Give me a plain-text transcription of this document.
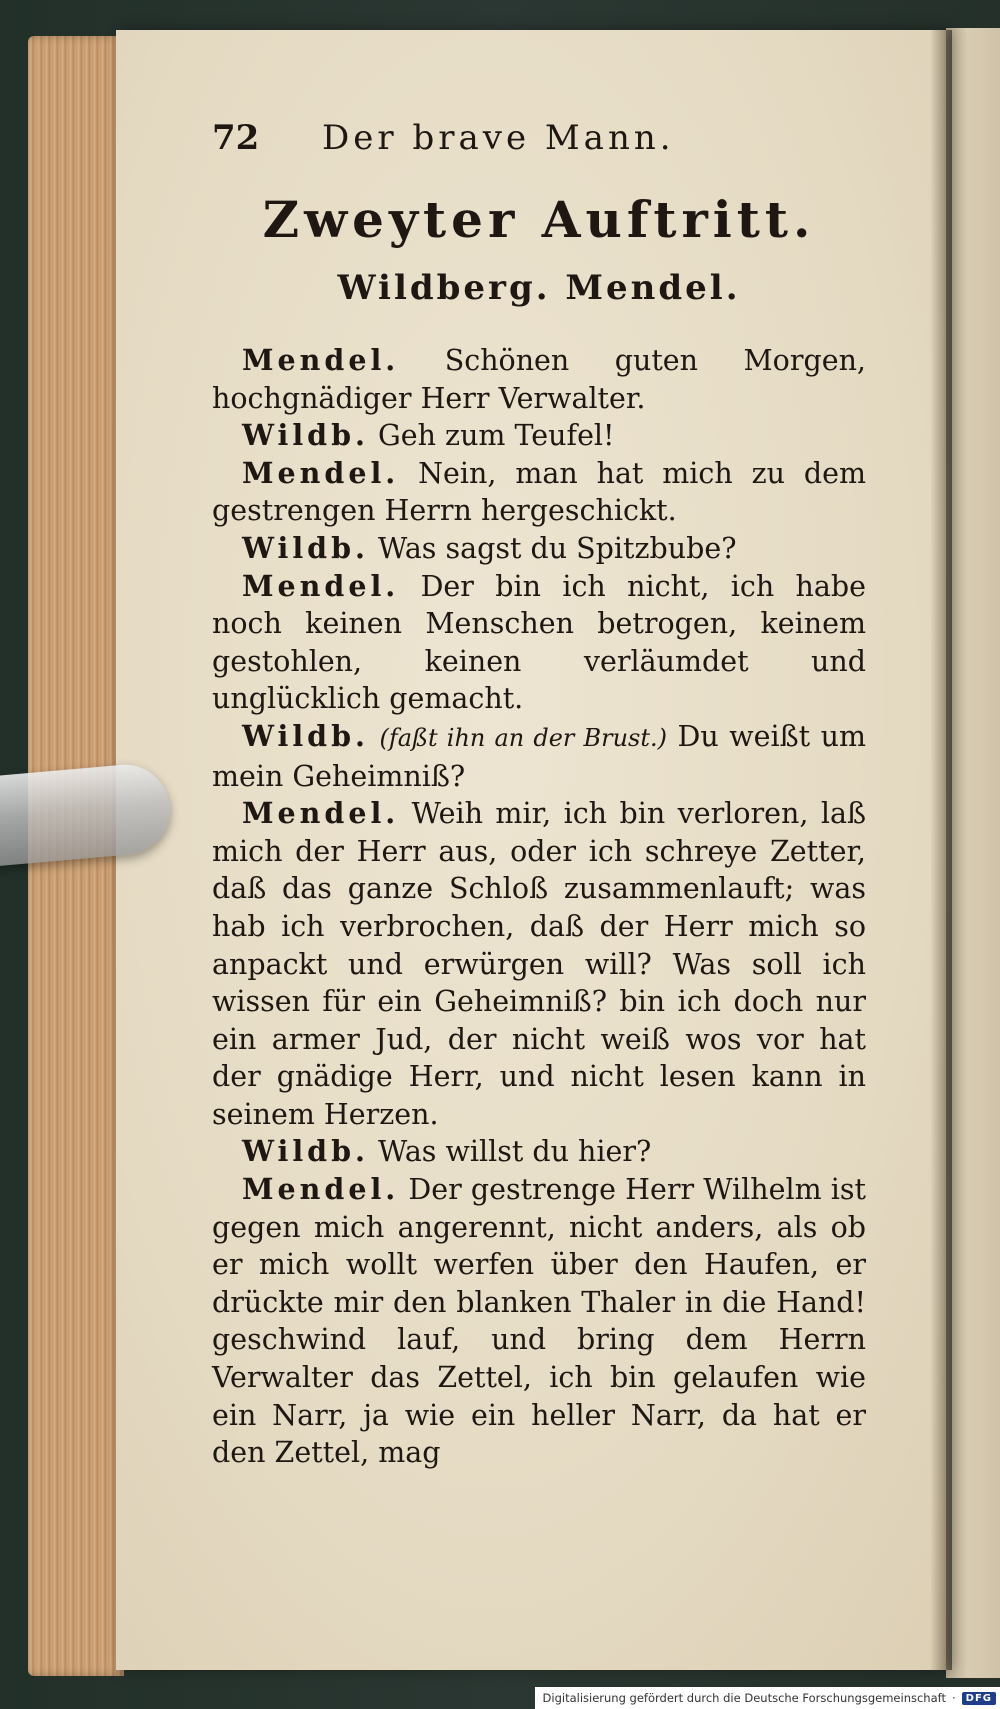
72	Der brave Mann.
Zweyter Auftritt.
Wildberg. Mendel.

Mendel. Schönen guten Morgen, hochgnädiger Herr Verwalter.

Wildb. Geh zum Teufel!

Mendel. Nein, man hat mich zu dem gestrengen Herrn hergeschickt.

Wildb. Was sagst du Spitzbube?

Mendel. Der bin ich nicht, ich habe noch keinen Menschen betrogen, keinem gestohlen, keinen verläumdet und unglücklich gemacht.

Wildb. (faßt ihn an der Brust.) Du weißt um mein Geheimniß?

Mendel. Weih mir, ich bin verloren, laß mich der Herr aus, oder ich schreye Zetter, daß das ganze Schloß zusammenlauft; was hab ich verbrochen, daß der Herr mich so anpackt und erwürgen will? Was soll ich wissen für ein Geheimniß? bin ich doch nur ein armer Jud, der nicht weiß wos vor hat der gnädige Herr, und nicht lesen kann in seinem Herzen.

Wildb. Was willst du hier?

Mendel. Der gestrenge Herr Wilhelm ist gegen mich angerennt, nicht anders, als ob er mich wollt werfen über den Haufen, er drückte mir den blanken Thaler in die Hand! geschwind lauf, und bring dem Herrn Verwalter das Zettel, ich bin gelaufen wie ein Narr, ja wie ein heller Narr, da hat er den Zettel, mag

Digitalisierung gefördert durch die Deutsche Forschungsgemeinschaft ·	DFG
